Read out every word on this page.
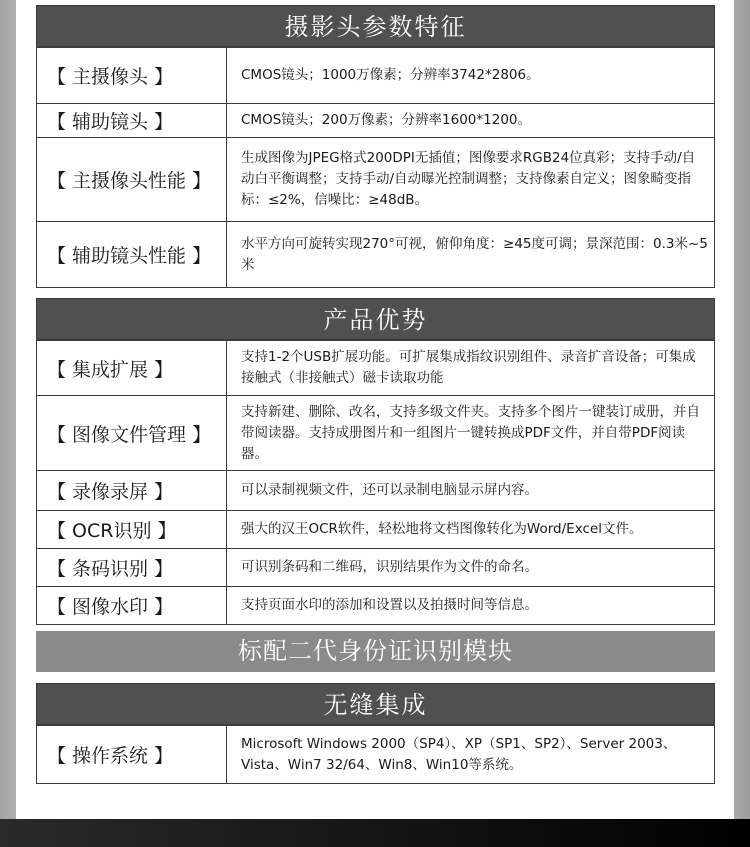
摄影头参数特征
【 主摄像头 】	CMOS镜头；1000万像素；分辨率3742*2806。
【 辅助镜头 】	CMOS镜头；200万像素；分辨率1600*1200。
【 主摄像头性能 】	生成图像为JPEG格式200DPI无插值；图像要求RGB24位真彩；支持手动/自动白平衡调整；支持手动/自动曝光控制调整；支持像素自定义；图象畸变指标：≤2%，信噪比：≥48dB。
【 辅助镜头性能 】	水平方向可旋转实现270°可视，俯仰角度：≥45度可调；景深范围：0.3米~5米
产品优势
【 集成扩展 】	支持1-2个USB扩展功能。可扩展集成指纹识别组件、录音扩音设备；可集成接触式（非接触式）磁卡读取功能
【 图像文件管理 】	支持新建、删除、改名，支持多级文件夹。支持多个图片一键装订成册，并自带阅读器。支持成册图片和一组图片一键转换成PDF文件，并自带PDF阅读器。
【 录像录屏 】	可以录制视频文件，还可以录制电脑显示屏内容。
【 OCR识别 】	强大的汉王OCR软件，轻松地将文档图像转化为Word/Excel文件。
【 条码识别 】	可识别条码和二维码，识别结果作为文件的命名。
【 图像水印 】	支持页面水印的添加和设置以及拍摄时间等信息。
标配二代身份证识别模块
无缝集成
【 操作系统 】	Microsoft Windows 2000（SP4）、XP（SP1、SP2）、Server 2003、Vista、Win7 32/64、Win8、Win10等系统。
